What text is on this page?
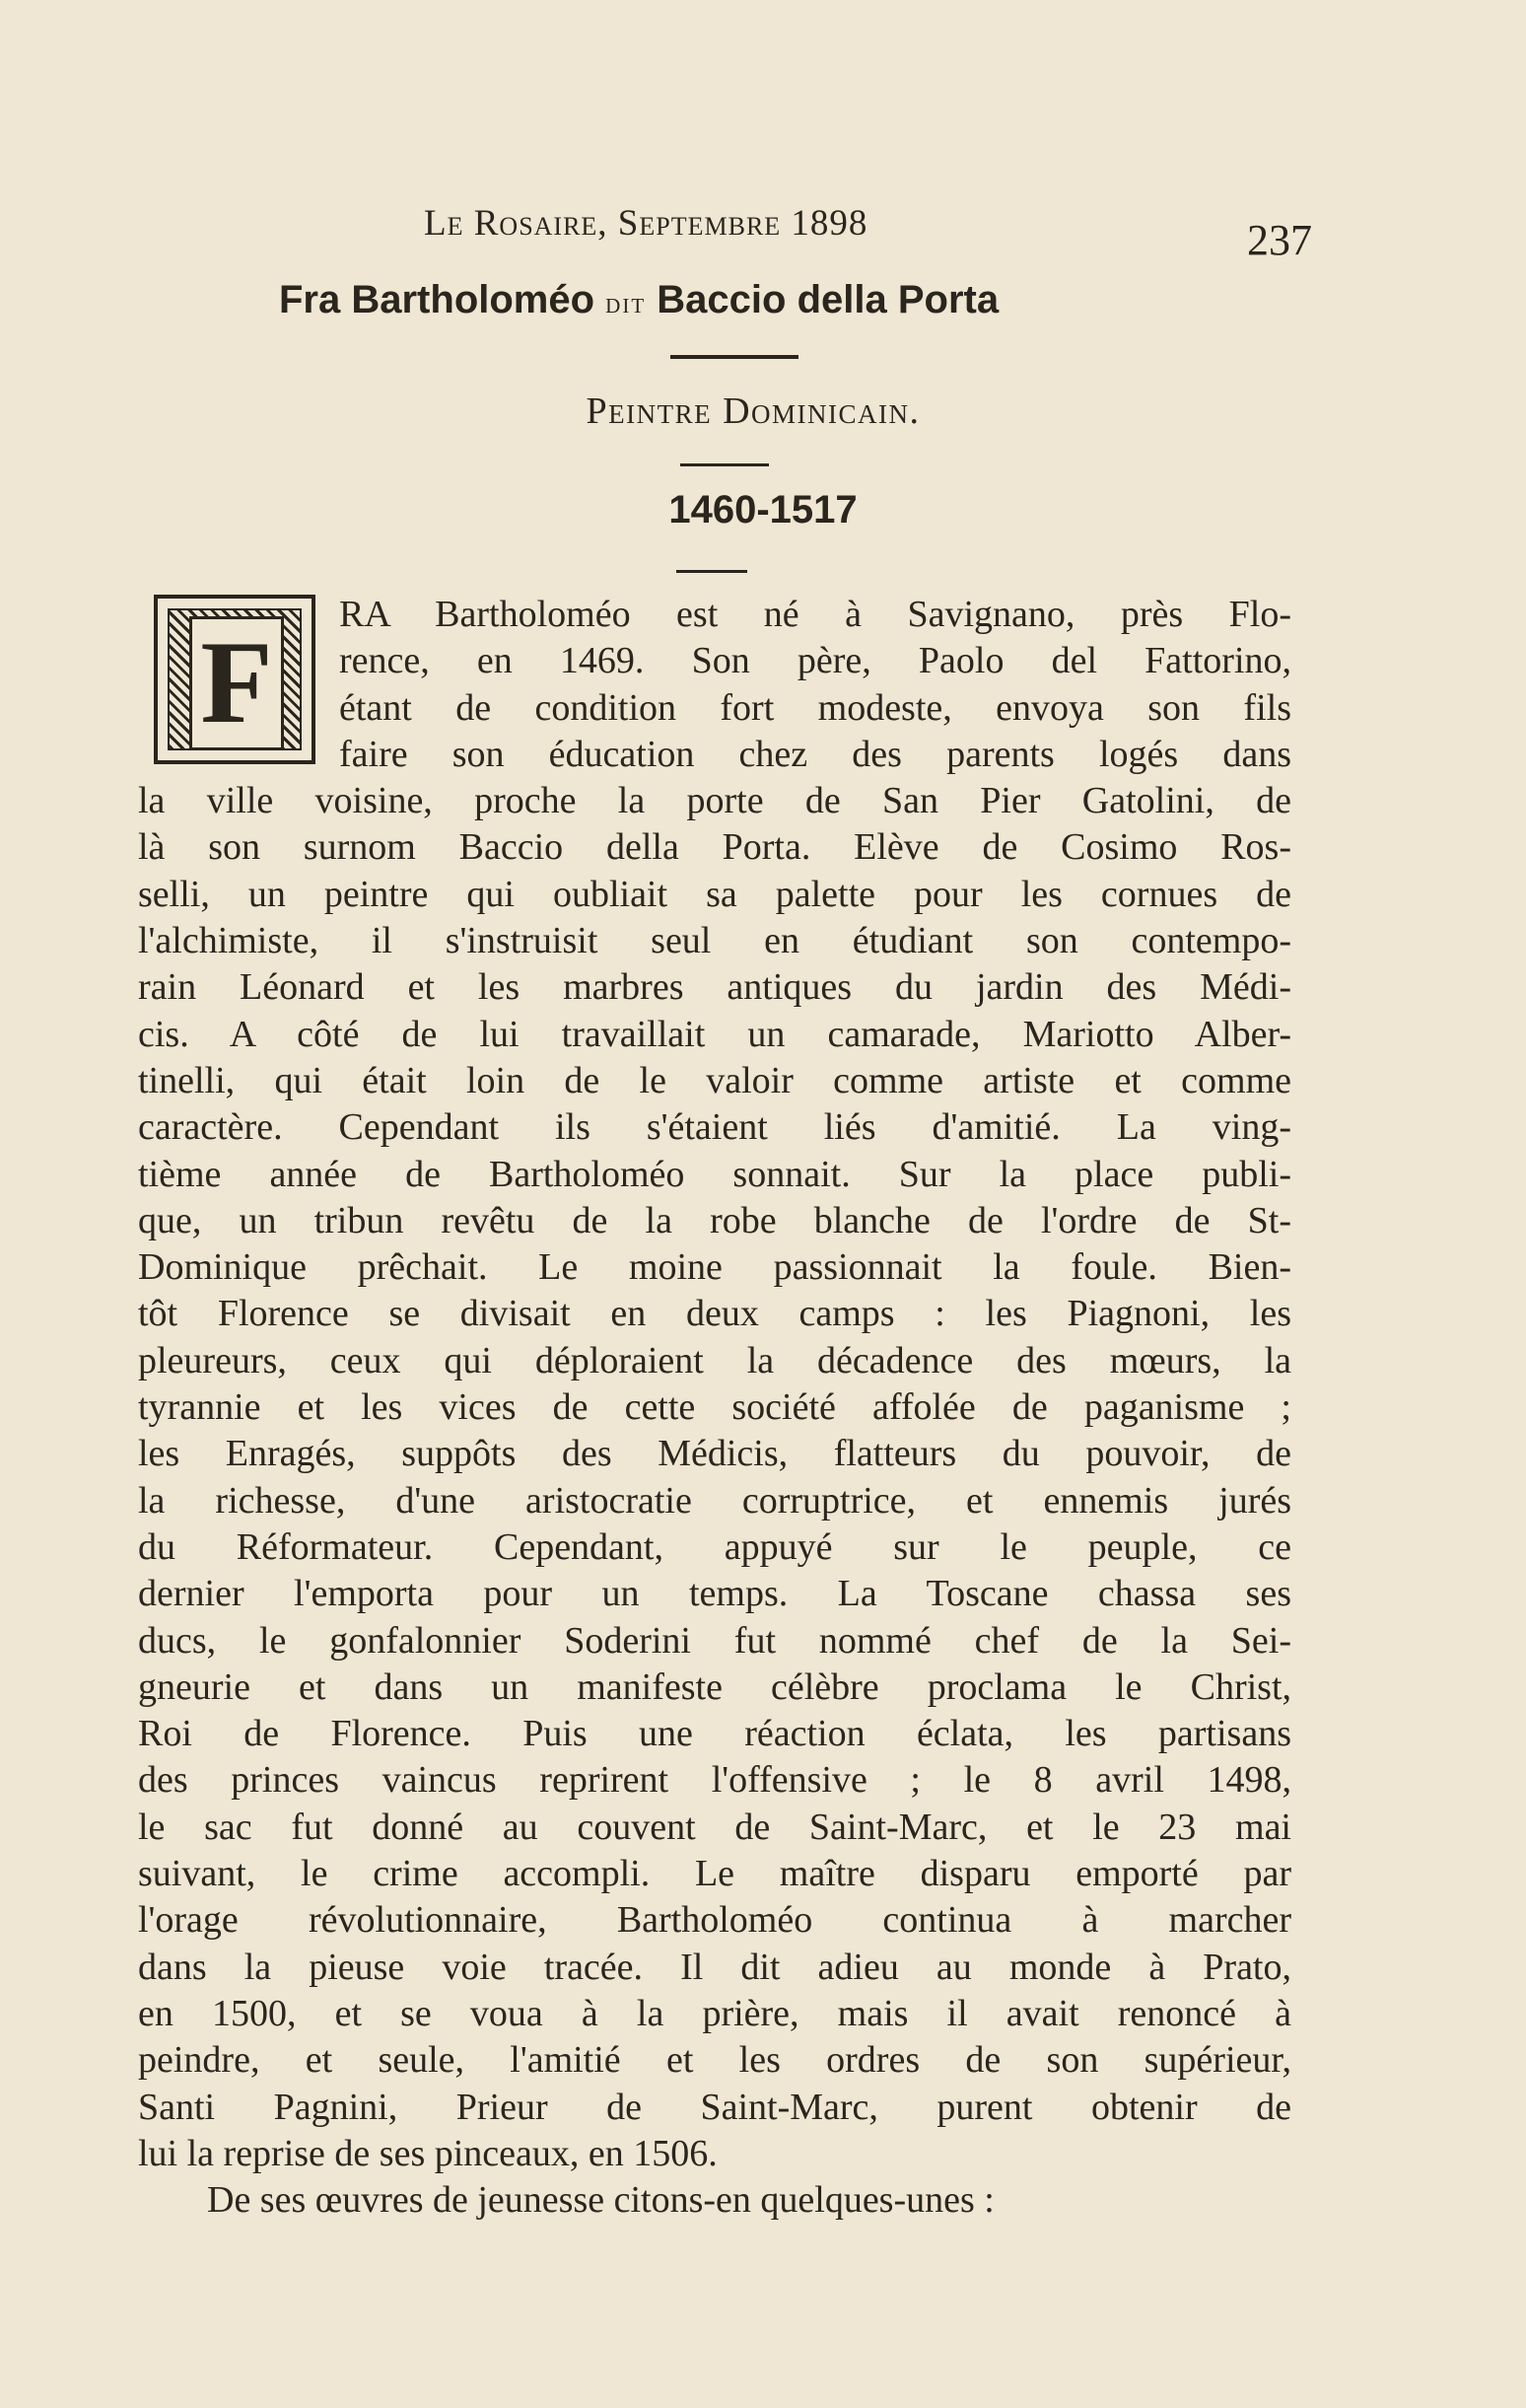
Le Rosaire, Septembre 1898	237
Fra Bartholoméo dit Baccio della Porta
Peintre Dominicain.
1460-1517
F
RA Bartholoméo est né à Savignano, près Flo-
rence, en 1469. Son père, Paolo del Fattorino,
étant de condition fort modeste, envoya son fils
faire son éducation chez des parents logés dans
la ville voisine, proche la porte de San Pier Gatolini, de
là son surnom Baccio della Porta. Elève de Cosimo Ros-
selli, un peintre qui oubliait sa palette pour les cornues de
l'alchimiste, il s'instruisit seul en étudiant son contempo-
rain Léonard et les marbres antiques du jardin des Médi-
cis. A côté de lui travaillait un camarade, Mariotto Alber-
tinelli, qui était loin de le valoir comme artiste et comme
caractère. Cependant ils s'étaient liés d'amitié. La ving-
tième année de Bartholoméo sonnait. Sur la place publi-
que, un tribun revêtu de la robe blanche de l'ordre de St-
Dominique prêchait. Le moine passionnait la foule. Bien-
tôt Florence se divisait en deux camps : les Piagnoni, les
pleureurs, ceux qui déploraient la décadence des mœurs, la
tyrannie et les vices de cette société affolée de paganisme ;
les Enragés, suppôts des Médicis, flatteurs du pouvoir, de
la richesse, d'une aristocratie corruptrice, et ennemis jurés
du Réformateur. Cependant, appuyé sur le peuple, ce
dernier l'emporta pour un temps. La Toscane chassa ses
ducs, le gonfalonnier Soderini fut nommé chef de la Sei-
gneurie et dans un manifeste célèbre proclama le Christ,
Roi de Florence. Puis une réaction éclata, les partisans
des princes vaincus reprirent l'offensive ; le 8 avril 1498,
le sac fut donné au couvent de Saint-Marc, et le 23 mai
suivant, le crime accompli. Le maître disparu emporté par
l'orage révolutionnaire, Bartholoméo continua à marcher
dans la pieuse voie tracée. Il dit adieu au monde à Prato,
en 1500, et se voua à la prière, mais il avait renoncé à
peindre, et seule, l'amitié et les ordres de son supérieur,
Santi Pagnini, Prieur de Saint-Marc, purent obtenir de
lui la reprise de ses pinceaux, en 1506.
De ses œuvres de jeunesse citons-en quelques-unes :
